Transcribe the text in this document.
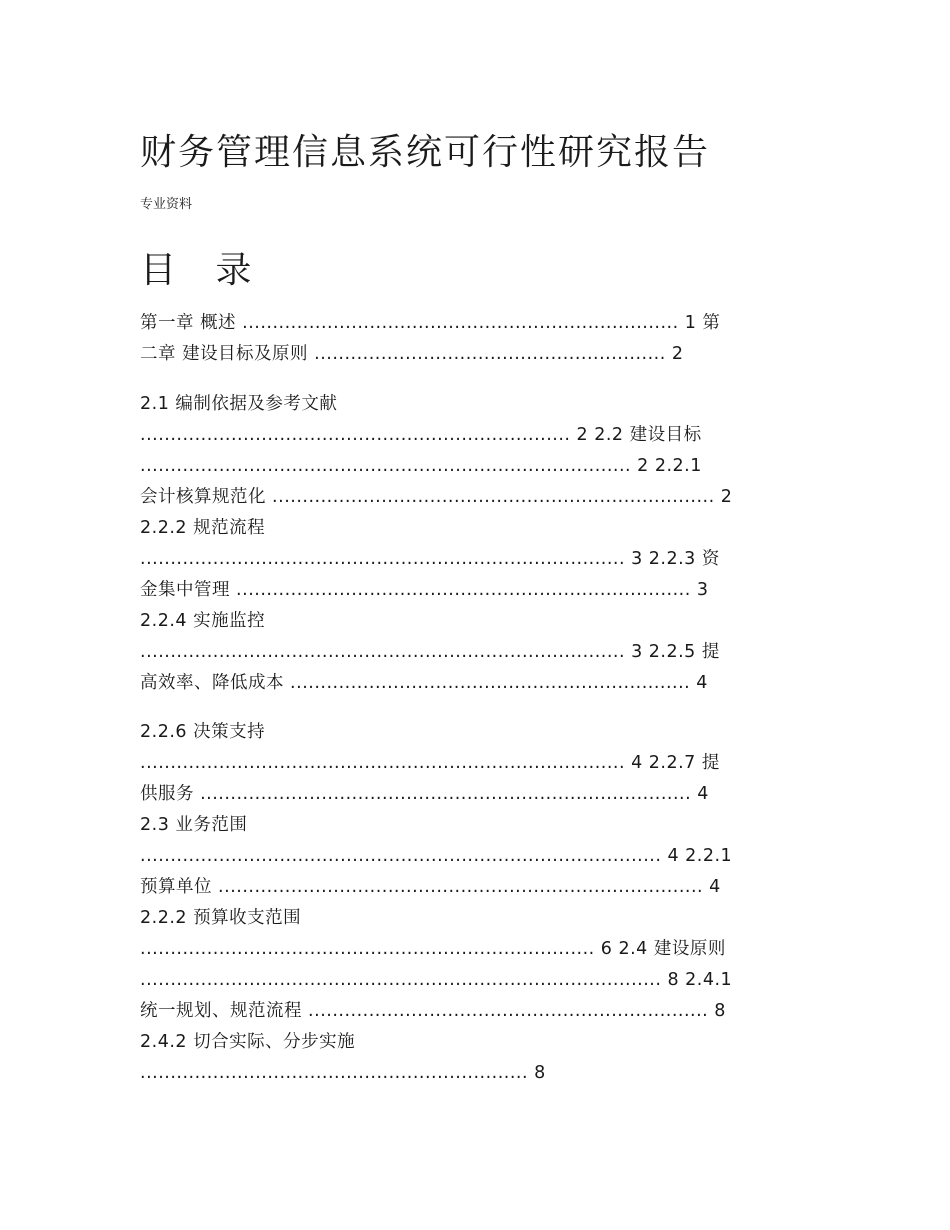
财务管理信息系统可行性研究报告
专业资料
目 录
第一章 概述 ........................................................................ 1 第
二章 建设目标及原则 .......................................................... 2
2.1 编制依据及参考文献
....................................................................... 2 2.2 建设目标
................................................................................. 2 2.2.1
会计核算规范化 ......................................................................... 2
2.2.2 规范流程
................................................................................ 3 2.2.3 资
金集中管理 ........................................................................... 3
2.2.4 实施监控
................................................................................ 3 2.2.5 提
高效率、降低成本 .................................................................. 4
2.2.6 决策支持
................................................................................ 4 2.2.7 提
供服务 ................................................................................. 4
2.3 业务范围
...................................................................................... 4 2.2.1
预算单位 ................................................................................ 4
2.2.2 预算收支范围
........................................................................... 6 2.4 建设原则
...................................................................................... 8 2.4.1
统一规划、规范流程 .................................................................. 8
2.4.2 切合实际、分步实施
................................................................ 8
